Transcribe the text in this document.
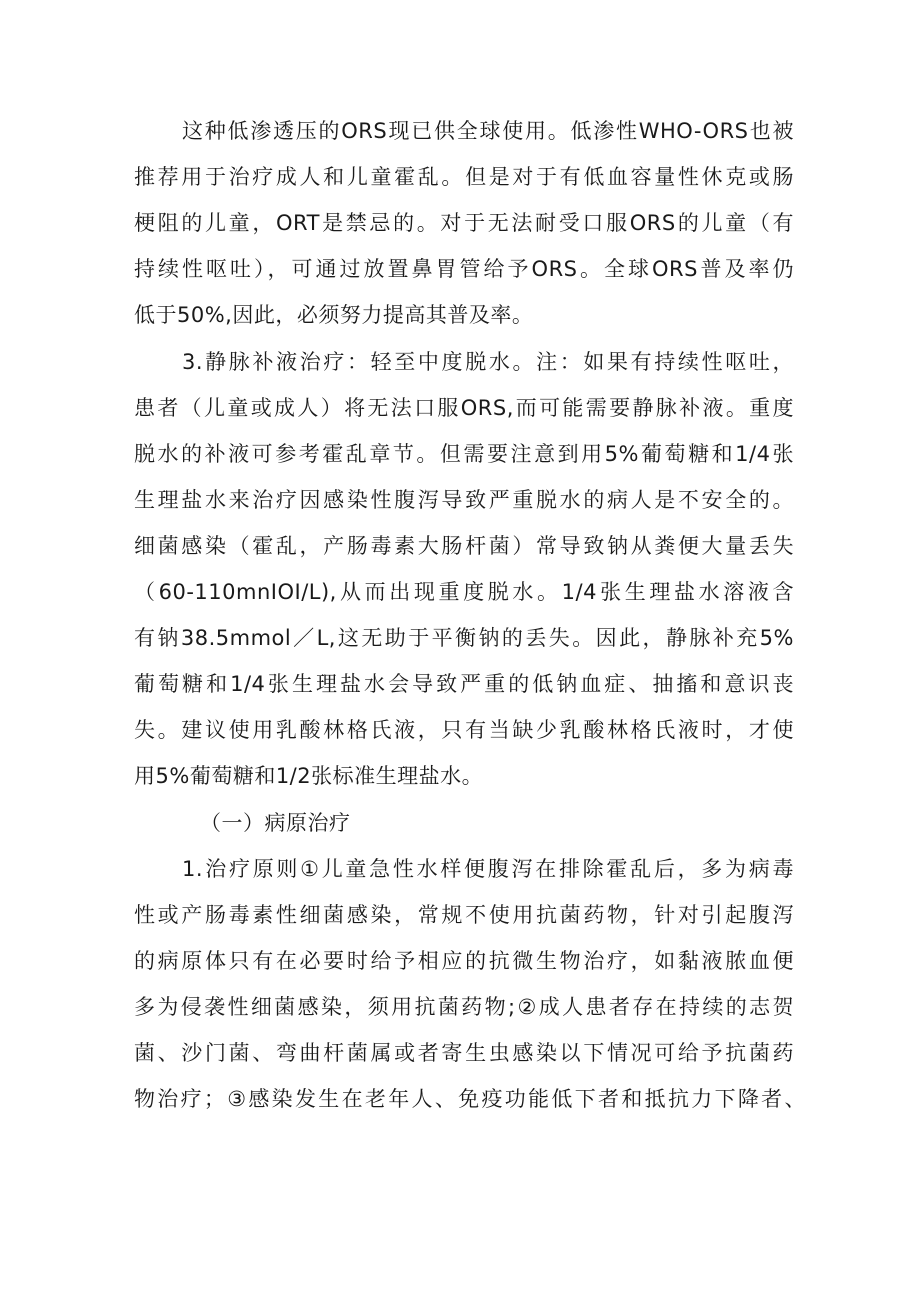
这种低渗透压的ORS现已供全球使用。低渗性WHO-ORS也被
推荐用于治疗成人和儿童霍乱。但是对于有低血容量性休克或肠
梗阻的儿童，ORT是禁忌的。对于无法耐受口服ORS的儿童（有
持续性呕吐），可通过放置鼻胃管给予ORS。全球ORS普及率仍
低于50%,因此，必须努力提高其普及率。
3.静脉补液治疗：轻至中度脱水。注：如果有持续性呕吐，
患者（儿童或成人）将无法口服ORS,而可能需要静脉补液。重度
脱水的补液可参考霍乱章节。但需要注意到用5%葡萄糖和1/4张
生理盐水来治疗因感染性腹泻导致严重脱水的病人是不安全的。
细菌感染（霍乱，产肠毒素大肠杆菌）常导致钠从粪便大量丢失
（60-110mnIOI/L),从而出现重度脱水。1/4张生理盐水溶液含
有钠38.5mmol／L,这无助于平衡钠的丢失。因此，静脉补充5%
葡萄糖和1/4张生理盐水会导致严重的低钠血症、抽搐和意识丧
失。建议使用乳酸林格氏液，只有当缺少乳酸林格氏液时，才使
用5%葡萄糖和1/2张标准生理盐水。
（一）病原治疗
1.治疗原则①儿童急性水样便腹泻在排除霍乱后，多为病毒
性或产肠毒素性细菌感染，常规不使用抗菌药物，针对引起腹泻
的病原体只有在必要时给予相应的抗微生物治疗，如黏液脓血便
多为侵袭性细菌感染，须用抗菌药物;②成人患者存在持续的志贺
菌、沙门菌、弯曲杆菌属或者寄生虫感染以下情况可给予抗菌药
物治疗；③感染发生在老年人、免疫功能低下者和抵抗力下降者、
